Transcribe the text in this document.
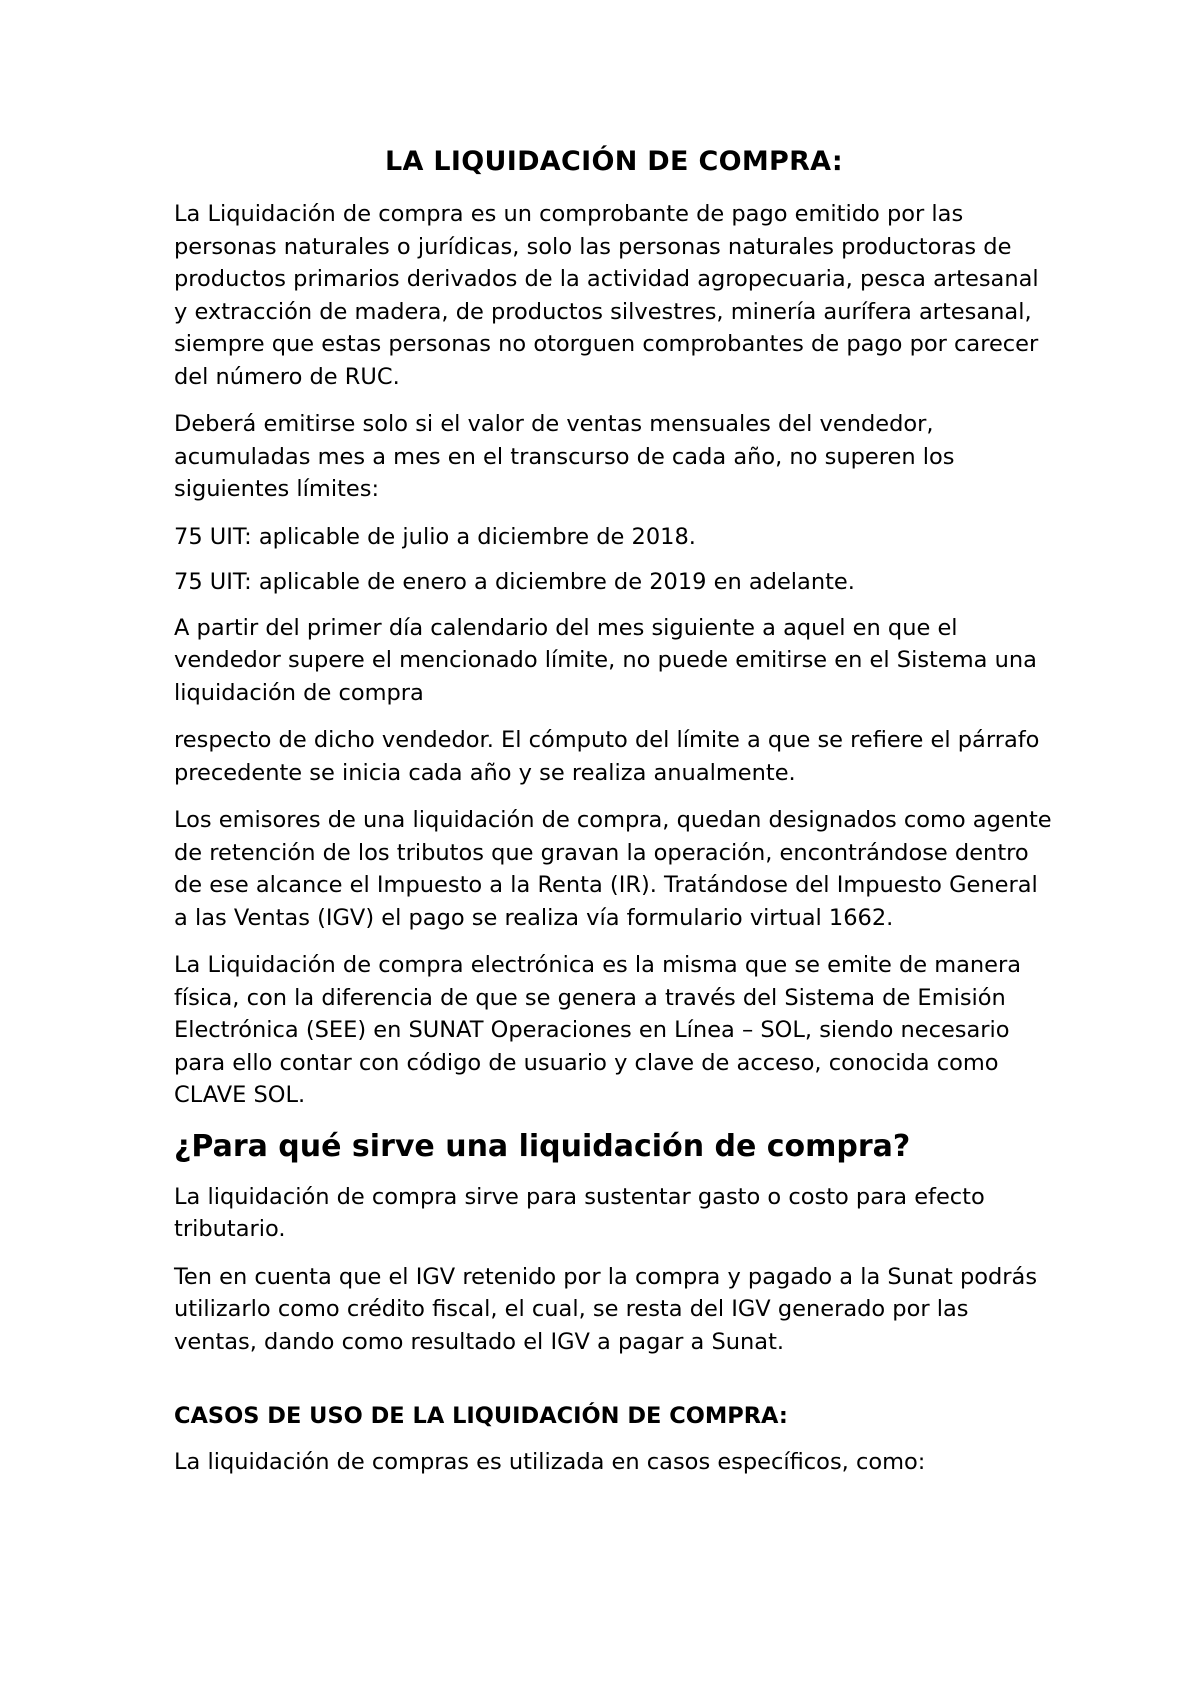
LA LIQUIDACIÓN DE COMPRA:

La Liquidación de compra es un comprobante de pago emitido por las personas naturales o jurídicas, solo las personas naturales productoras de productos primarios derivados de la actividad agropecuaria, pesca artesanal y extracción de madera, de productos silvestres, minería aurífera artesanal, siempre que estas personas no otorguen comprobantes de pago por carecer del número de RUC.

Deberá emitirse solo si el valor de ventas mensuales del vendedor, acumuladas mes a mes en el transcurso de cada año, no superen los siguientes límites:

75 UIT: aplicable de julio a diciembre de 2018.

75 UIT: aplicable de enero a diciembre de 2019 en adelante.

A partir del primer día calendario del mes siguiente a aquel en que el vendedor supere el mencionado límite, no puede emitirse en el Sistema una liquidación de compra

respecto de dicho vendedor. El cómputo del límite a que se refiere el párrafo precedente se inicia cada año y se realiza anualmente.

Los emisores de una liquidación de compra, quedan designados como agente de retención de los tributos que gravan la operación, encontrándose dentro de ese alcance el Impuesto a la Renta (IR). Tratándose del Impuesto General a las Ventas (IGV) el pago se realiza vía formulario virtual 1662.

La Liquidación de compra electrónica es la misma que se emite de manera física, con la diferencia de que se genera a través del Sistema de Emisión Electrónica (SEE) en SUNAT Operaciones en Línea – SOL, siendo necesario para ello contar con código de usuario y clave de acceso, conocida como CLAVE SOL.

¿Para qué sirve una liquidación de compra?

La liquidación de compra sirve para sustentar gasto o costo para efecto tributario.

Ten en cuenta que el IGV retenido por la compra y pagado a la Sunat podrás utilizarlo como crédito fiscal, el cual, se resta del IGV generado por las ventas, dando como resultado el IGV a pagar a Sunat.

CASOS DE USO DE LA LIQUIDACIÓN DE COMPRA:

La liquidación de compras es utilizada en casos específicos, como:
